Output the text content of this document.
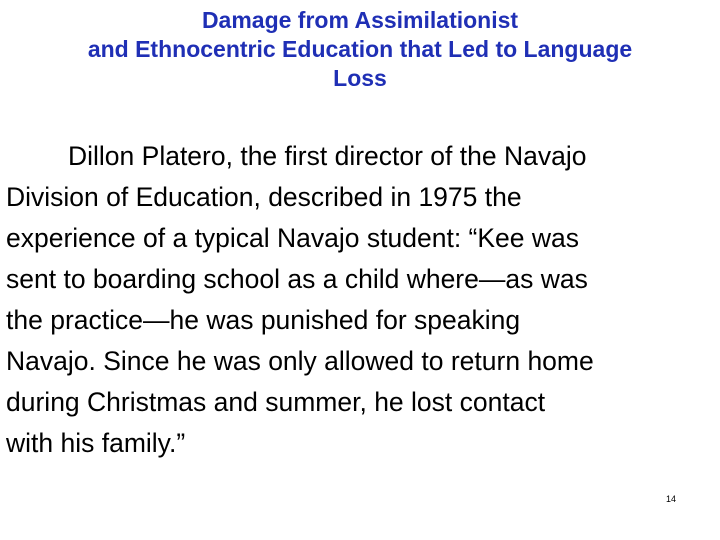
Damage from Assimilationist
and Ethnocentric Education that Led to Language
Loss
Dillon Platero, the first director of the Navajo
Division of Education, described in 1975 the
experience of a typical Navajo student: “Kee was
sent to boarding school as a child where—as was
the practice—he was punished for speaking
Navajo. Since he was only allowed to return home
during Christmas and summer, he lost contact
with his family.”
14
